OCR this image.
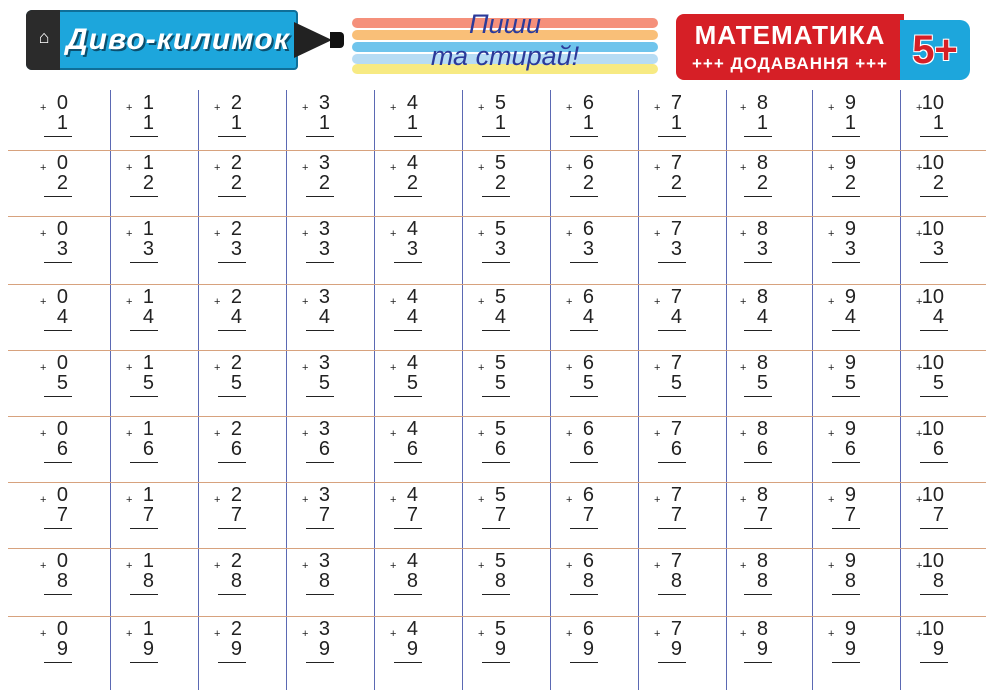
⌂ Диво-килимок	Пиши
та стирай!
МАТЕМАТИКА
+++ ДОДАВАННЯ +++ 5+
+ 0
1
+ 1
1
+ 2
1
+ 3
1
+ 4
1
+ 5
1
+ 6
1
+ 7
1
+ 8
1
+ 9
1
+ 10
1
+ 0
2
+ 1
2
+ 2
2
+ 3
2
+ 4
2
+ 5
2
+ 6
2
+ 7
2
+ 8
2
+ 9
2
+ 10
2
+ 0
3
+ 1
3
+ 2
3
+ 3
3
+ 4
3
+ 5
3
+ 6
3
+ 7
3
+ 8
3
+ 9
3
+ 10
3
+ 0
4
+ 1
4
+ 2
4
+ 3
4
+ 4
4
+ 5
4
+ 6
4
+ 7
4
+ 8
4
+ 9
4
+ 10
4
+ 0
5
+ 1
5
+ 2
5
+ 3
5
+ 4
5
+ 5
5
+ 6
5
+ 7
5
+ 8
5
+ 9
5
+ 10
5
+ 0
6
+ 1
6
+ 2
6
+ 3
6
+ 4
6
+ 5
6
+ 6
6
+ 7
6
+ 8
6
+ 9
6
+ 10
6
+ 0
7
+ 1
7
+ 2
7
+ 3
7
+ 4
7
+ 5
7
+ 6
7
+ 7
7
+ 8
7
+ 9
7
+ 10
7
+ 0
8
+ 1
8
+ 2
8
+ 3
8
+ 4
8
+ 5
8
+ 6
8
+ 7
8
+ 8
8
+ 9
8
+ 10
8
+ 0
9
+ 1
9
+ 2
9
+ 3
9
+ 4
9
+ 5
9
+ 6
9
+ 7
9
+ 8
9
+ 9
9
+ 10
9
